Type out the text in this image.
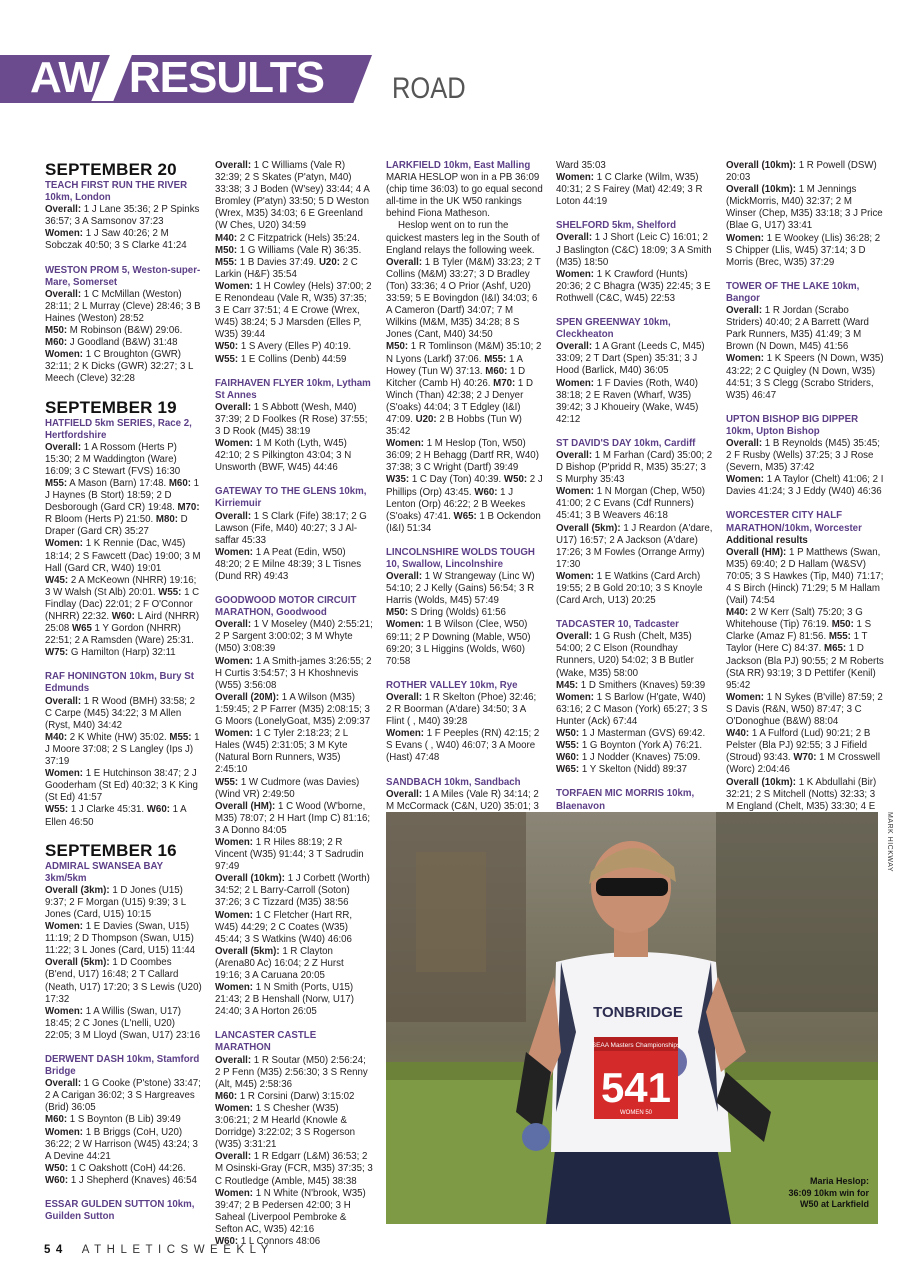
AW RESULTS ROAD

SEPTEMBER 20

TEACH FIRST RUN THE RIVER 10km, London

Overall: 1 J Lane 35:36; 2 P Spinks 36:57; 3 A Samsonov 37:23

Women: 1 J Saw 40:26; 2 M Sobczak 40:50; 3 S Clarke 41:24

WESTON PROM 5, Weston-super-Mare, Somerset

Overall: 1 C McMillan (Weston) 28:11; 2 L Murray (Cleve) 28:46; 3 B Haines (Weston) 28:52

M50: M Robinson (B&W) 29:06. M60: J Goodland (B&W) 31:48

Women: 1 C Broughton (GWR) 32:11; 2 K Dicks (GWR) 32:27; 3 L Meech (Cleve) 32:28

SEPTEMBER 19

HATFIELD 5km SERIES, Race 2, Hertfordshire

Overall: 1 A Rossom (Herts P) 15:30; 2 M Waddington (Ware) 16:09; 3 C Stewart (FVS) 16:30

M55: A Mason (Barn) 17:48. M60: 1 J Haynes (B Stort) 18:59; 2 D Desborough (Gard CR) 19:48. M70: R Bloom (Herts P) 21:50. M80: D Draper (Gard CR) 35:27

Women: 1 K Rennie (Dac, W45) 18:14; 2 S Fawcett (Dac) 19:00; 3 M Hall (Gard CR, W40) 19:01

W45: 2 A McKeown (NHRR) 19:16; 3 W Walsh (St Alb) 20:01. W55: 1 C Findlay (Dac) 22:01; 2 F O'Connor (NHRR) 22:32. W60: L Aird (NHRR) 25:08 W65 1 Y Gordon (NHRR) 22:51; 2 A Ramsden (Ware) 25:31. W75: G Hamilton (Harp) 32:11

RAF HONINGTON 10km, Bury St Edmunds

Overall: 1 R Wood (BMH) 33:58; 2 C Carpe (M45) 34:22; 3 M Allen (Ryst, M40) 34:42

M40: 2 K White (HW) 35:02. M55: 1 J Moore 37:08; 2 S Langley (Ips J) 37:19

Women: 1 E Hutchinson 38:47; 2 J Gooderham (St Ed) 40:32; 3 K King (St Ed) 41:57

W55: 1 J Clarke 45:31. W60: 1 A Ellen 46:50

SEPTEMBER 16

ADMIRAL SWANSEA BAY 3km/5km

Overall (3km): 1 D Jones (U15) 9:37; 2 F Morgan (U15) 9:39; 3 L Jones (Card, U15) 10:15

Women: 1 E Davies (Swan, U15) 11:19; 2 D Thompson (Swan, U15) 11:22; 3 L Jones (Card, U15) 11:44

Overall (5km): 1 D Coombes (B'end, U17) 16:48; 2 T Callard (Neath, U17) 17:20; 3 S Lewis (U20) 17:32

Women: 1 A Willis (Swan, U17) 18:45; 2 C Jones (L'nelli, U20) 22:05; 3 M Lloyd (Swan, U17) 23:16

DERWENT DASH 10km, Stamford Bridge

Overall: 1 G Cooke (P'stone) 33:47; 2 A Carigan 36:02; 3 S Hargreaves (Brid) 36:05

M60: 1 S Boynton (B Lib) 39:49

Women: 1 B Briggs (CoH, U20) 36:22; 2 W Harrison (W45) 43:24; 3 A Devine 44:21

W50: 1 C Oakshott (CoH) 44:26. W60: 1 J Shepherd (Knaves) 46:54

ESSAR GULDEN SUTTON 10km, Guilden Sutton

Overall: 1 C Williams (Vale R) 32:39; 2 S Skates (P'atyn, M40) 33:38; 3 J Boden (W'sey) 33:44; 4 A Bromley (P'atyn) 33:50; 5 D Weston (Wrex, M35) 34:03; 6 E Greenland (W Ches, U20) 34:59

M40: 2 C Fitzpatrick (Hels) 35:24. M50: 1 G Williams (Vale R) 36:35. M55: 1 B Davies 37:49. U20: 2 C Larkin (H&F) 35:54

Women: 1 H Cowley (Hels) 37:00; 2 E Renondeau (Vale R, W35) 37:35; 3 E Carr 37:51; 4 E Crowe (Wrex, W45) 38:24; 5 J Marsden (Elles P, W35) 39:44

W50: 1 S Avery (Elles P) 40:19. W55: 1 E Collins (Denb) 44:59

FAIRHAVEN FLYER 10km, Lytham St Annes

Overall: 1 S Abbott (Wesh, M40) 37:39; 2 D Foolkes (R Rose) 37:55; 3 D Rook (M45) 38:19

Women: 1 M Koth (Lyth, W45) 42:10; 2 S Pilkington 43:04; 3 N Unsworth (BWF, W45) 44:46

GATEWAY TO THE GLENS 10km, Kirriemuir

Overall: 1 S Clark (Fife) 38:17; 2 G Lawson (Fife, M40) 40:27; 3 J Al-saffar 45:33

Women: 1 A Peat (Edin, W50) 48:20; 2 E Milne 48:39; 3 L Tisnes (Dund RR) 49:43

GOODWOOD MOTOR CIRCUIT MARATHON, Goodwood

Overall: 1 V Moseley (M40) 2:55:21; 2 P Sargent 3:00:02; 3 M Whyte (M50) 3:08:39

Women: 1 A Smith-james 3:26:55; 2 H Curtis 3:54:57; 3 H Khoshnevis (W55) 3:56:08

Overall (20M): 1 A Wilson (M35) 1:59:45; 2 P Farrer (M35) 2:08:15; 3 G Moors (LonelyGoat, M35) 2:09:37

Women: 1 C Tyler 2:18:23; 2 L Hales (W45) 2:31:05; 3 M Kyte (Natural Born Runners, W35) 2:45:10

W55: 1 W Cudmore (was Davies) (Wind VR) 2:49:50

Overall (HM): 1 C Wood (W'borne, M35) 78:07; 2 H Hart (Imp C) 81:16; 3 A Donno 84:05

Women: 1 R Hiles 88:19; 2 R Vincent (W35) 91:44; 3 T Sadrudin 97:49

Overall (10km): 1 J Corbett (Worth) 34:52; 2 L Barry-Carroll (Soton) 37:26; 3 C Tizzard (M35) 38:56

Women: 1 C Fletcher (Hart RR, W45) 44:29; 2 C Coates (W35) 45:44; 3 S Watkins (W40) 46:06

Overall (5km): 1 R Clayton (Arena80 Ac) 16:04; 2 Z Hurst 19:16; 3 A Caruana 20:05

Women: 1 N Smith (Ports, U15) 21:43; 2 B Henshall (Norw, U17) 24:40; 3 A Horton 26:05

LANCASTER CASTLE MARATHON

Overall: 1 R Soutar (M50) 2:56:24; 2 P Fenn (M35) 2:56:30; 3 S Renny (Alt, M45) 2:58:36

M60: 1 R Corsini (Darw) 3:15:02

Women: 1 S Chesher (W35) 3:06:21; 2 M Hearld (Knowle & Dorridge) 3:22:02; 3 S Rogerson (W35) 3:31:21

Overall: 1 R Edgarr (L&M) 36:53; 2 M Osinski-Gray (FCR, M35) 37:35; 3 C Routledge (Amble, M45) 38:38

Women: 1 N White (N'brook, W35) 39:47; 2 B Pedersen 42:00; 3 H Saheal (Liverpool Pembroke & Sefton AC, W35) 42:16

W60: 1 L Connors 48:06

LARKFIELD 10km, East Malling

MARIA HESLOP won in a PB 36:09 (chip time 36:03) to go equal second all-time in the UK W50 rankings behind Fiona Matheson.

Heslop went on to run the quickest masters leg in the South of England relays the following week.

Overall: 1 B Tyler (M&M) 33:23; 2 T Collins (M&M) 33:27; 3 D Bradley (Ton) 33:36; 4 O Prior (Ashf, U20) 33:59; 5 E Bovingdon (I&I) 34:03; 6 A Cameron (Dartf) 34:07; 7 M Wilkins (M&M, M35) 34:28; 8 S Jones (Cant, M40) 34:50

M50: 1 R Tomlinson (M&M) 35:10; 2 N Lyons (Larkf) 37:06. M55: 1 A Howey (Tun W) 37:13. M60: 1 D Kitcher (Camb H) 40:26. M70: 1 D Winch (Than) 42:38; 2 J Denyer (S'oaks) 44:04; 3 T Edgley (I&I) 47:09. U20: 2 B Hobbs (Tun W) 35:42

Women: 1 M Heslop (Ton, W50) 36:09; 2 H Behagg (Dartf RR, W40) 37:38; 3 C Wright (Dartf) 39:49

W35: 1 C Day (Ton) 40:39. W50: 2 J Phillips (Orp) 43:45. W60: 1 J Lenton (Orp) 46:22; 2 B Weekes (S'oaks) 47:41. W65: 1 B Ockendon (I&I) 51:34

LINCOLNSHIRE WOLDS TOUGH 10, Swallow, Lincolnshire

Overall: 1 W Strangeway (Linc W) 54:10; 2 J Kelly (Gains) 56:54; 3 R Harris (Wolds, M45) 57:49

M50: S Dring (Wolds) 61:56

Women: 1 B Wilson (Clee, W50) 69:11; 2 P Downing (Mable, W50) 69:20; 3 L Higgins (Wolds, W60) 70:58

ROTHER VALLEY 10km, Rye

Overall: 1 R Skelton (Phoe) 32:46; 2 R Boorman (A'dare) 34:50; 3 A Flint ( , M40) 39:28

Women: 1 F Peeples (RN) 42:15; 2 S Evans ( , W40) 46:07; 3 A Moore (Hast) 47:48

SANDBACH 10km, Sandbach

Overall: 1 A Miles (Vale R) 34:14; 2 M McCormack (C&N, U20) 35:01; 3

Ward 35:03

Women: 1 C Clarke (Wilm, W35) 40:31; 2 S Fairey (Mat) 42:49; 3 R Loton 44:19

SHELFORD 5km, Shelford

Overall: 1 J Short (Leic C) 16:01; 2 J Baslington (C&C) 18:09; 3 A Smith (M35) 18:50

Women: 1 K Crawford (Hunts) 20:36; 2 C Bhagra (W35) 22:45; 3 E Rothwell (C&C, W45) 22:53

SPEN GREENWAY 10km, Cleckheaton

Overall: 1 A Grant (Leeds C, M45) 33:09; 2 T Dart (Spen) 35:31; 3 J Hood (Barlick, M40) 36:05

Women: 1 F Davies (Roth, W40) 38:18; 2 E Raven (Wharf, W35) 39:42; 3 J Khoueiry (Wake, W45) 42:12

ST DAVID'S DAY 10km, Cardiff

Overall: 1 M Farhan (Card) 35:00; 2 D Bishop (P'pridd R, M35) 35:27; 3 S Murphy 35:43

Women: 1 N Morgan (Chep, W50) 41:00; 2 C Evans (Cdf Runners) 45:41; 3 B Weavers 46:18

Overall (5km): 1 J Reardon (A'dare, U17) 16:57; 2 A Jackson (A'dare) 17:26; 3 M Fowles (Orrange Army) 17:30

Women: 1 E Watkins (Card Arch) 19:55; 2 B Gold 20:10; 3 S Knoyle (Card Arch, U13) 20:25

TADCASTER 10, Tadcaster

Overall: 1 G Rush (Chelt, M35) 54:00; 2 C Elson (Roundhay Runners, U20) 54:02; 3 B Butler (Wake, M35) 58:00

M45: 1 D Smithers (Knaves) 59:39

Women: 1 S Barlow (H'gate, W40) 63:16; 2 C Mason (York) 65:27; 3 S Hunter (Ack) 67:44

W50: 1 J Masterman (GVS) 69:42. W55: 1 G Boynton (York A) 76:21. W60: 1 J Nodder (Knaves) 75:09. W65: 1 Y Skelton (Nidd) 89:37

TORFAEN MIC MORRIS 10km, Blaenavon

Overall (10km): 1 R Powell (DSW) 20:03

Overall (10km): 1 M Jennings (MickMorris, M40) 32:37; 2 M Winser (Chep, M35) 33:18; 3 J Price (Blae G, U17) 33:41

Women: 1 E Wookey (Llis) 36:28; 2 S Chipper (Llis, W45) 37:14; 3 D Morris (Brec, W35) 37:29

TOWER OF THE LAKE 10km, Bangor

Overall: 1 R Jordan (Scrabo Striders) 40:40; 2 A Barrett (Ward Park Runners, M35) 41:49; 3 M Brown (N Down, M45) 41:56

Women: 1 K Speers (N Down, W35) 43:22; 2 C Quigley (N Down, W35) 44:51; 3 S Clegg (Scrabo Striders, W35) 46:47

UPTON BISHOP BIG DIPPER 10km, Upton Bishop

Overall: 1 B Reynolds (M45) 35:45; 2 F Rusby (Wells) 37:25; 3 J Rose (Severn, M35) 37:42

Women: 1 A Taylor (Chelt) 41:06; 2 I Davies 41:24; 3 J Eddy (W40) 46:36

WORCESTER CITY HALF MARATHON/10km, Worcester

Additional results

Overall (HM): 1 P Matthews (Swan, M35) 69:40; 2 D Hallam (W&SV) 70:05; 3 S Hawkes (Tip, M40) 71:17; 4 S Birch (Hinck) 71:29; 5 M Hallam (Vail) 74:54

M40: 2 W Kerr (Salt) 75:20; 3 G Whitehouse (Tip) 76:19. M50: 1 S Clarke (Amaz F) 81:56. M55: 1 T Taylor (Here C) 84:37. M65: 1 D Jackson (Bla PJ) 90:55; 2 M Roberts (StA RR) 93:19; 3 D Pettifer (Kenil) 95:42

Women: 1 N Sykes (B'ville) 87:59; 2 S Davis (R&N, W50) 87:47; 3 C O'Donoghue (B&W) 88:04

W40: 1 A Fulford (Lud) 90:21; 2 B Pelster (Bla PJ) 92:55; 3 J Fifield (Stroud) 93:43. W70: 1 M Crosswell (Worc) 2:04:46

Overall (10km): 1 K Abdullahi (Bir) 32:21; 2 S Mitchell (Notts) 32:33; 3 M England (Chelt, M35) 33:30; 4 E

SEAA Masters Championships
541
WOMEN 50
TONBRIDGE
MARK HICKWAY
Maria Heslop:
36:09 10km win for
W50 at Larkfield
54 ATHLETICSWEEKLY
